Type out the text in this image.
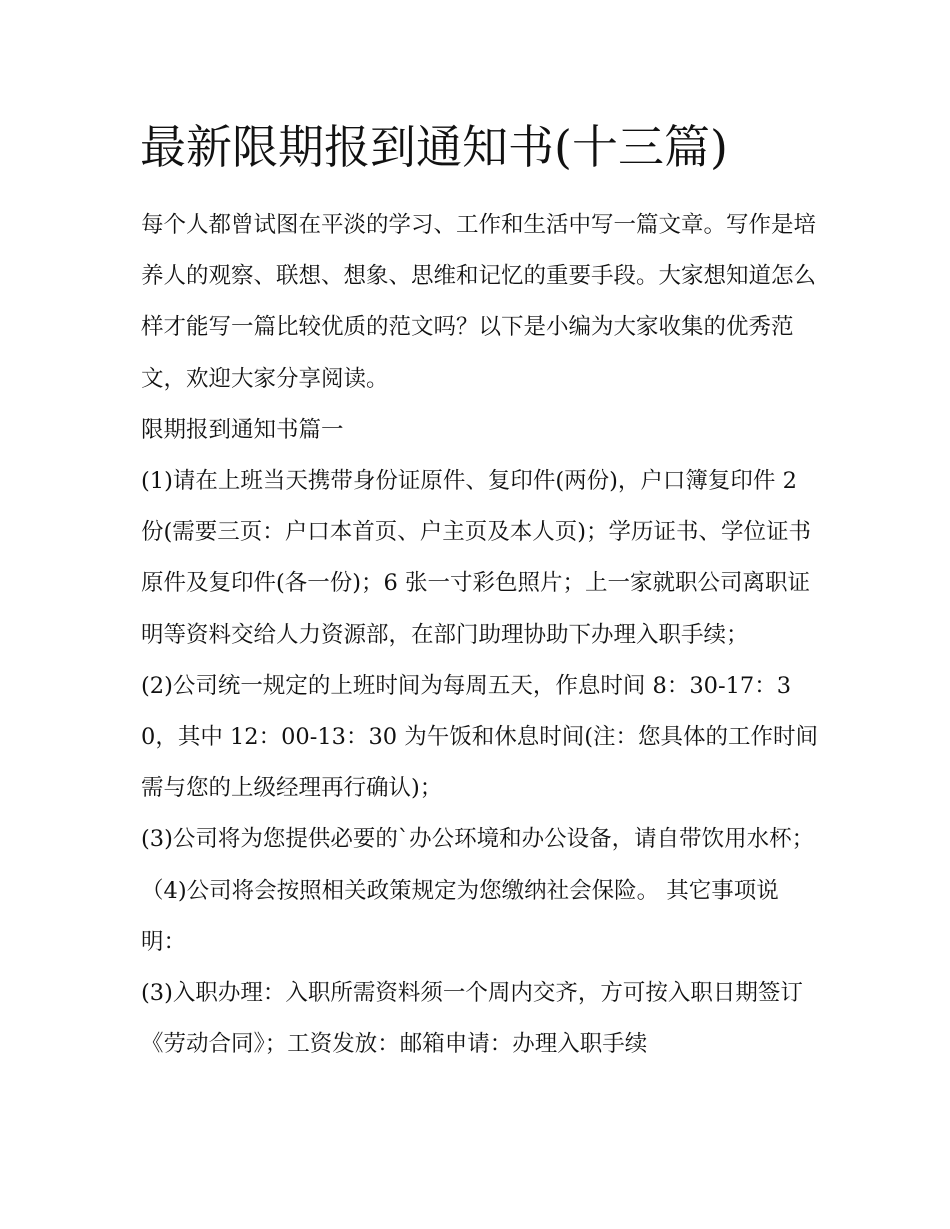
最新限期报到通知书(十三篇)

每个人都曾试图在平淡的学习、工作和生活中写一篇文章。写作是培养人的观察、联想、想象、思维和记忆的重要手段。大家想知道怎么样才能写一篇比较优质的范文吗？以下是小编为大家收集的优秀范文，欢迎大家分享阅读。

限期报到通知书篇一

(1)请在上班当天携带身份证原件、复印件(两份)，户口簿复印件 2 份(需要三页：户口本首页、户主页及本人页)；学历证书、学位证书原件及复印件(各一份)；6 张一寸彩色照片；上一家就职公司离职证明等资料交给人力资源部，在部门助理协助下办理入职手续；

(2)公司统一规定的上班时间为每周五天，作息时间 8：30-17：30，其中 12：00-13：30 为午饭和休息时间(注：您具体的工作时间需与您的上级经理再行确认)；

(3)公司将为您提供必要的`办公环境和办公设备，请自带饮用水杯；（4)公司将会按照相关政策规定为您缴纳社会保险。 其它事项说明：

(3)入职办理：入职所需资料须一个周内交齐，方可按入职日期签订《劳动合同》；工资发放：邮箱申请：办理入职手续
